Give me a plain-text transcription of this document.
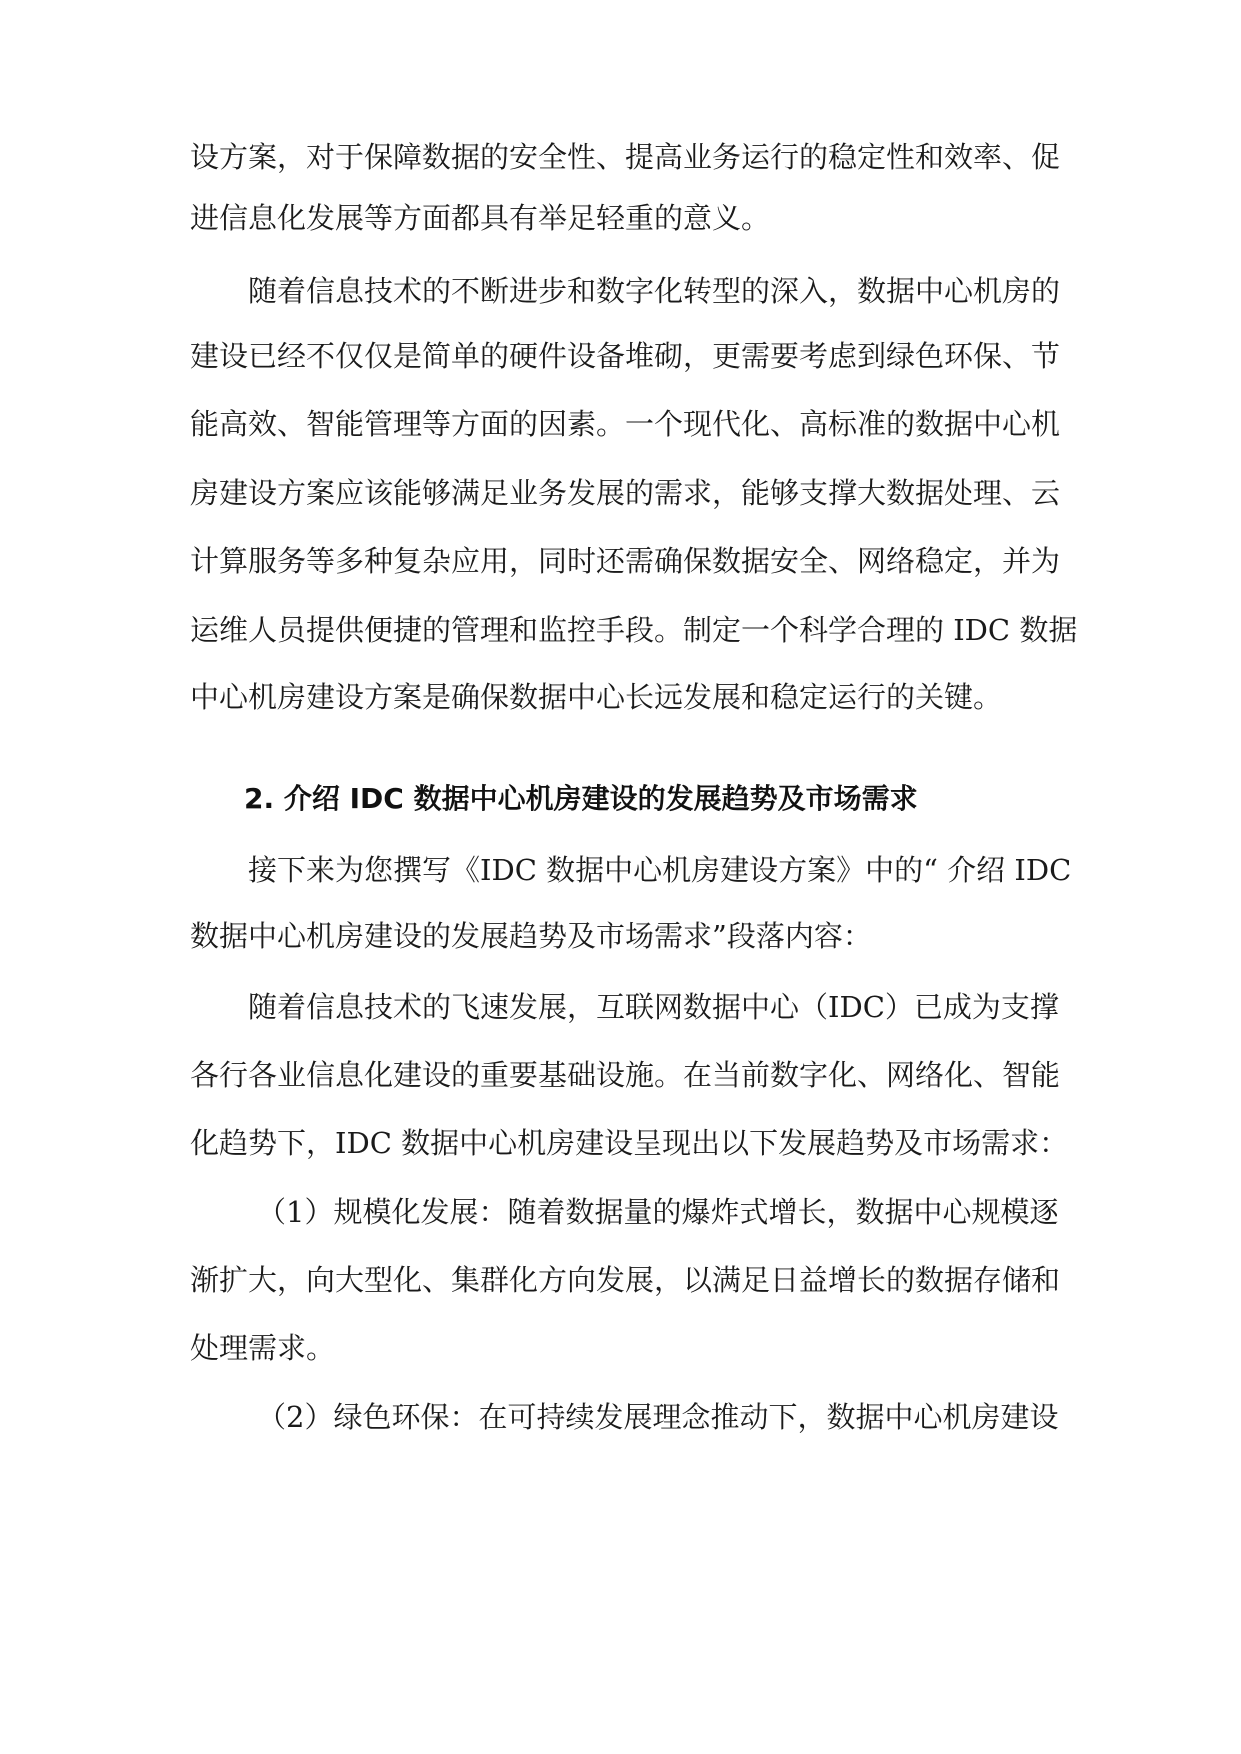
设方案，对于保障数据的安全性、提高业务运行的稳定性和效率、促
进信息化发展等方面都具有举足轻重的意义。
随着信息技术的不断进步和数字化转型的深入，数据中心机房的
建设已经不仅仅是简单的硬件设备堆砌，更需要考虑到绿色环保、节
能高效、智能管理等方面的因素。一个现代化、高标准的数据中心机
房建设方案应该能够满足业务发展的需求，能够支撑大数据处理、云
计算服务等多种复杂应用，同时还需确保数据安全、网络稳定，并为
运维人员提供便捷的管理和监控手段。制定一个科学合理的 IDC 数据
中心机房建设方案是确保数据中心长远发展和稳定运行的关键。
2. 介绍 IDC 数据中心机房建设的发展趋势及市场需求
接下来为您撰写《IDC 数据中心机房建设方案》中的“ 介绍 IDC
数据中心机房建设的发展趋势及市场需求”段落内容：
随着信息技术的飞速发展，互联网数据中心（IDC）已成为支撑
各行各业信息化建设的重要基础设施。在当前数字化、网络化、智能
化趋势下，IDC 数据中心机房建设呈现出以下发展趋势及市场需求：
（1）规模化发展：随着数据量的爆炸式增长，数据中心规模逐
渐扩大，向大型化、集群化方向发展，以满足日益增长的数据存储和
处理需求。
（2）绿色环保：在可持续发展理念推动下，数据中心机房建设
